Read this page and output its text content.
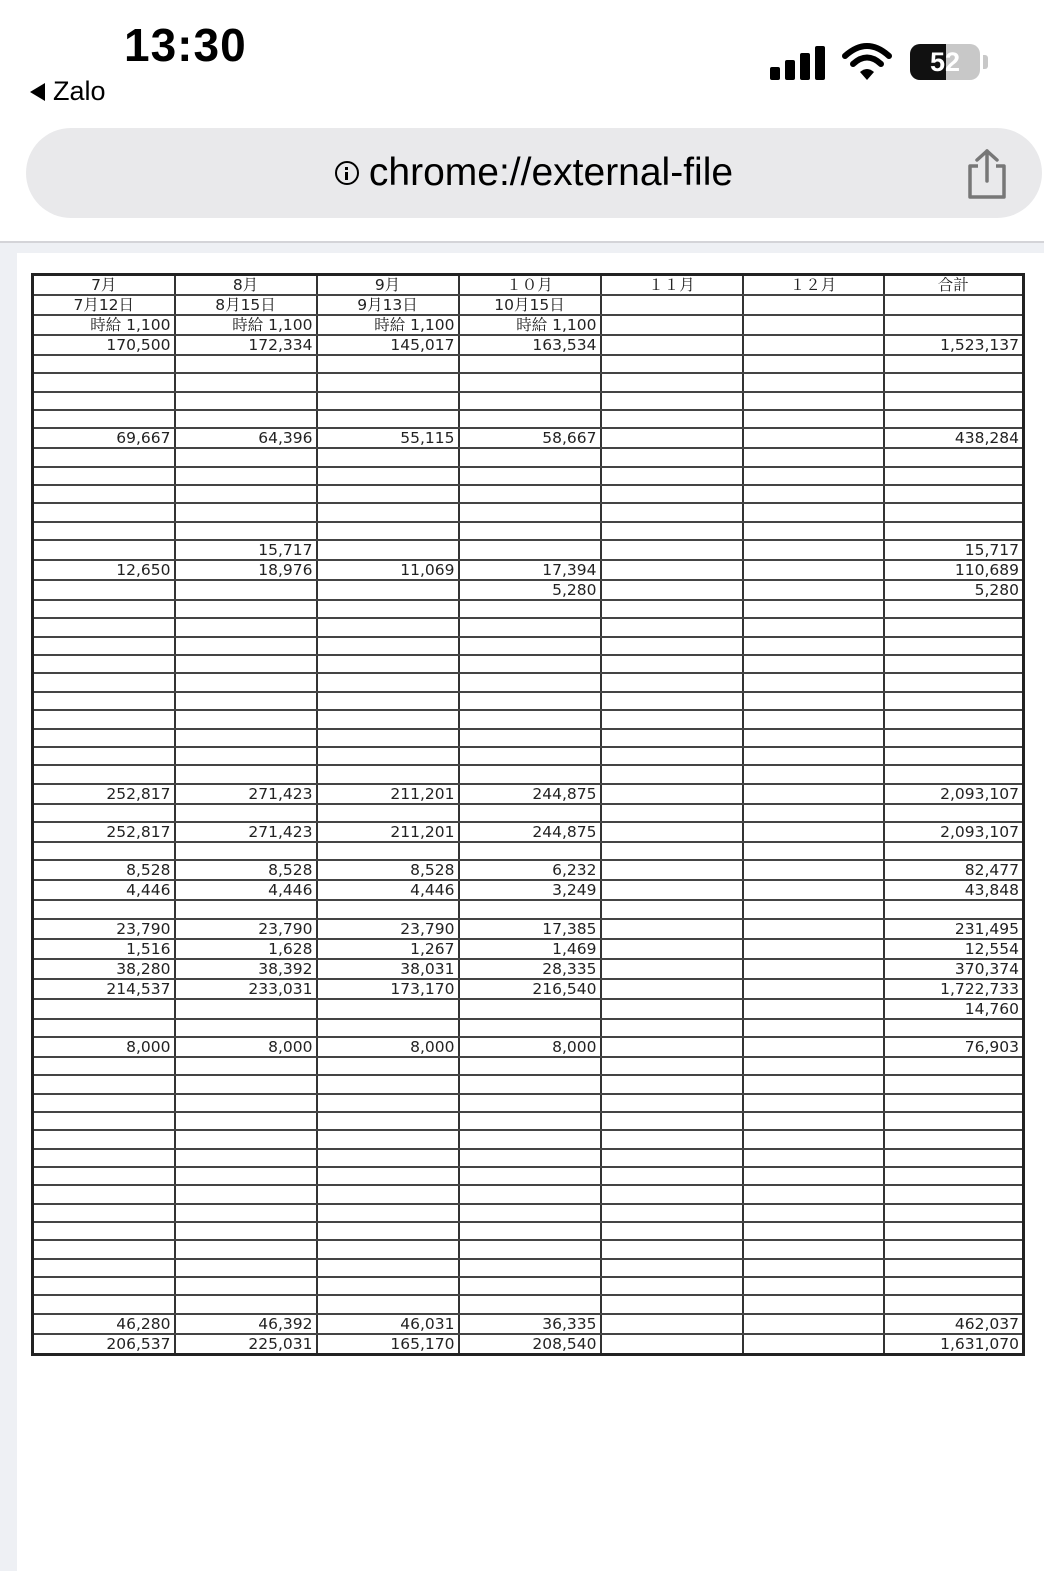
13:30
Zalo
52
chrome://external-file
7月	8月	9月	１０月	１１月	１２月	合計
7月12日	8月15日	9月13日	10月15日			
時給 1,100	時給 1,100	時給 1,100	時給 1,100			
170,500	172,334	145,017	163,534			1,523,137

69,667	64,396	55,115	58,667			438,284

	15,717					15,717
12,650	18,976	11,069	17,394			110,689
			5,280			5,280

252,817	271,423	211,201	244,875			2,093,107

252,817	271,423	211,201	244,875			2,093,107

8,528	8,528	8,528	6,232			82,477
4,446	4,446	4,446	3,249			43,848

23,790	23,790	23,790	17,385			231,495
1,516	1,628	1,267	1,469			12,554
38,280	38,392	38,031	28,335			370,374
214,537	233,031	173,170	216,540			1,722,733
						14,760

8,000	8,000	8,000	8,000			76,903

46,280	46,392	46,031	36,335			462,037
206,537	225,031	165,170	208,540			1,631,070
